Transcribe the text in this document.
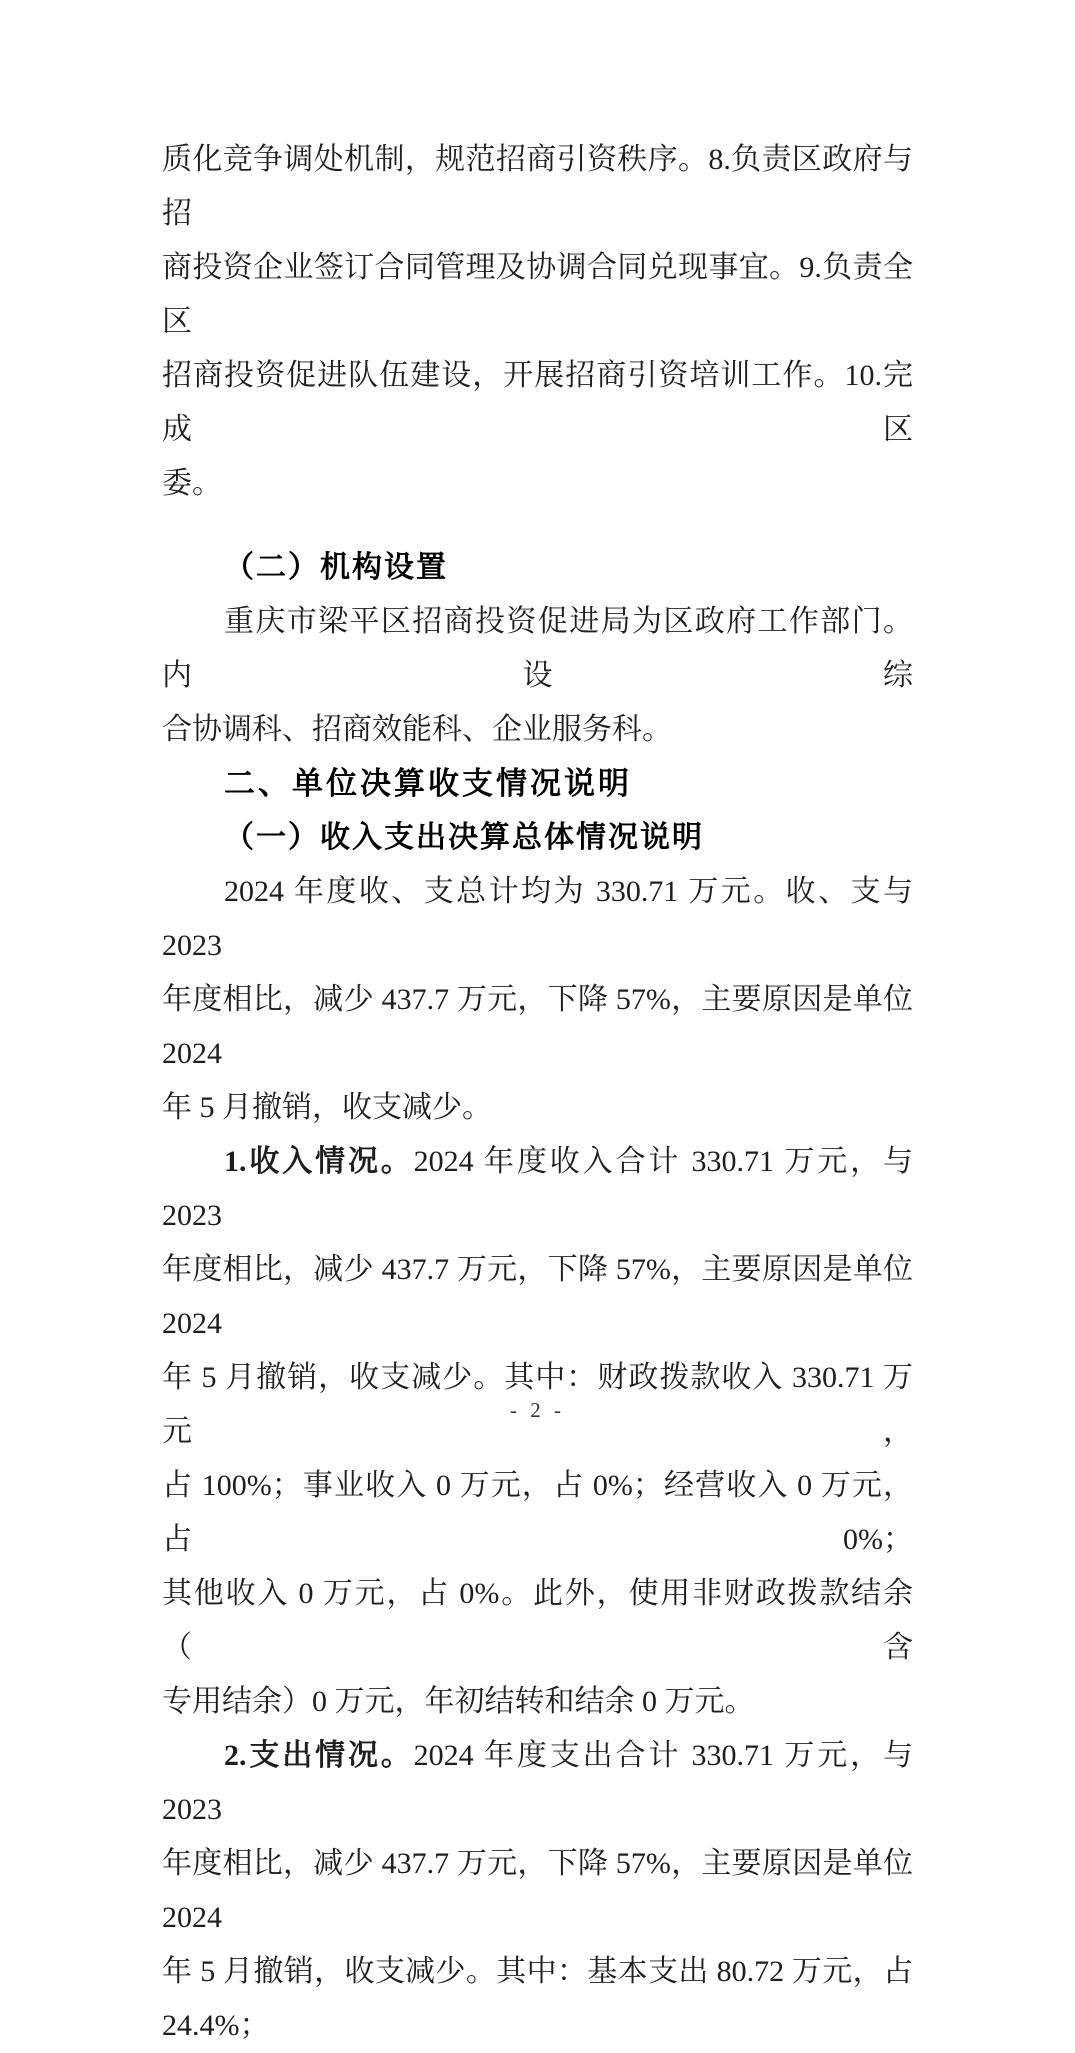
质化竞争调处机制，规范招商引资秩序。8.负责区政府与招
商投资企业签订合同管理及协调合同兑现事宜。9.负责全区
招商投资促进队伍建设，开展招商引资培训工作。10.完成区
委。
（二）机构设置
重庆市梁平区招商投资促进局为区政府工作部门。内设综
合协调科、招商效能科、企业服务科。
二、单位决算收支情况说明
（一）收入支出决算总体情况说明
2024 年度收、支总计均为 330.71 万元。收、支与 2023
年度相比，减少 437.7 万元，下降 57%，主要原因是单位 2024
年 5 月撤销，收支减少。
1.收入情况。2024 年度收入合计 330.71 万元，与 2023
年度相比，减少 437.7 万元，下降 57%，主要原因是单位 2024
年 5 月撤销，收支减少。其中：财政拨款收入 330.71 万元，
占 100%；事业收入 0 万元，占 0%；经营收入 0 万元，占 0%；
其他收入 0 万元，占 0%。此外，使用非财政拨款结余（含
专用结余）0 万元，年初结转和结余 0 万元。
2.支出情况。2024 年度支出合计 330.71 万元，与 2023
年度相比，减少 437.7 万元，下降 57%，主要原因是单位 2024
年 5 月撤销，收支减少。其中：基本支出 80.72 万元，占 24.4%；
- 2 -
